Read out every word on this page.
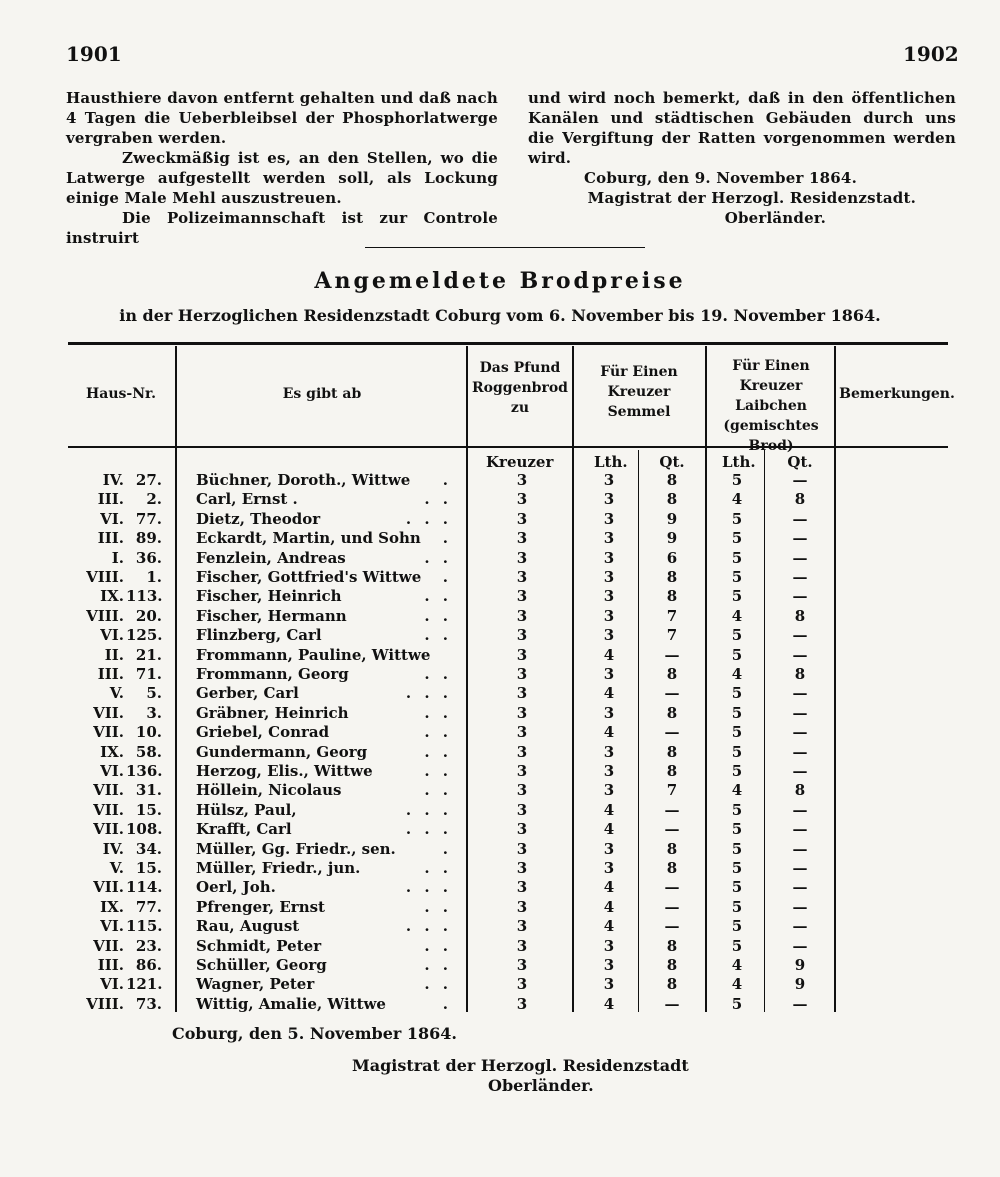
1901	1902

Hausthiere davon entfernt gehalten und daß nach 4 Tagen die Ueberbleibsel der Phosphorlatwerge vergraben werden.

Zweckmäßig ist es, an den Stellen, wo die Latwerge aufgestellt werden soll, als Lockung einige Male Mehl auszustreuen.

Die Polizeimannschaft ist zur Controle instruirt

und wird noch bemerkt, daß in den öffentlichen Kanälen und städtischen Gebäuden durch uns die Vergiftung der Ratten vorgenommen werden wird.

Coburg, den 9. November 1864.

Magistrat der Herzogl. Residenzstadt.

Oberländer.

Angemeldete Brodpreise
in der Herzoglichen Residenzstadt Coburg vom 6. November bis 19. November 1864.
Haus-Nr.	Es gibt ab
Das Pfund Roggenbrod zu
Für Einen Kreuzer Semmel
Für Einen Kreuzer Laibchen (gemischtes Brod)
Bemerkungen.
Kreuzer	Lth.	Qt.	Lth.	Qt.
IV. 27. Büchner, Doroth., Wittwe	.	3	3	8	5	—
III.	2. Carl, Ernst .	. .	3	3	8	4	8
VI. 77. Dietz, Theodor	. . .	3	3	9	5	—
III. 89. Eckardt, Martin, und Sohn	.	3	3	9	5	—
I. 36. Fenzlein, Andreas	. .	3	3	6	5	—
VIII.	1. Fischer, Gottfried's Wittwe	.	3	3	8	5	—
IX. 113. Fischer, Heinrich	. .	3	3	8	5	—
VIII. 20. Fischer, Hermann	. .	3	3	7	4	8
VI. 125. Flinzberg, Carl	. .	3	3	7	5	—
II. 21. Frommann, Pauline, Wittwe	3	4	—	5	—
III. 71. Frommann, Georg	. .	3	3	8	4	8
V.	5. Gerber, Carl	. . .	3	4	—	5	—
VII.	3. Gräbner, Heinrich	. .	3	3	8	5	—
VII. 10. Griebel, Conrad	. .	3	4	—	5	—
IX. 58. Gundermann, Georg	. .	3	3	8	5	—
VI. 136. Herzog, Elis., Wittwe	. .	3	3	8	5	—
VII. 31. Höllein, Nicolaus	. .	3	3	7	4	8
VII. 15. Hülsz, Paul,	. . .	3	4	—	5	—
VII. 108. Krafft, Carl	. . .	3	4	—	5	—
IV. 34. Müller, Gg. Friedr., sen.	.	3	3	8	5	—
V. 15. Müller, Friedr., jun.	. .	3	3	8	5	—
VII. 114. Oerl, Joh.	. . .	3	4	—	5	—
IX. 77. Pfrenger, Ernst	. .	3	4	—	5	—
VI. 115. Rau, August	. . .	3	4	—	5	—
VII. 23. Schmidt, Peter	. .	3	3	8	5	—
III. 86. Schüller, Georg	. .	3	3	8	4	9
VI. 121. Wagner, Peter	. .	3	3	8	4	9
VIII. 73. Wittig, Amalie, Wittwe	.	3	4	—	5	—
Coburg, den 5. November 1864.
Magistrat der Herzogl. Residenzstadt
Oberländer.
